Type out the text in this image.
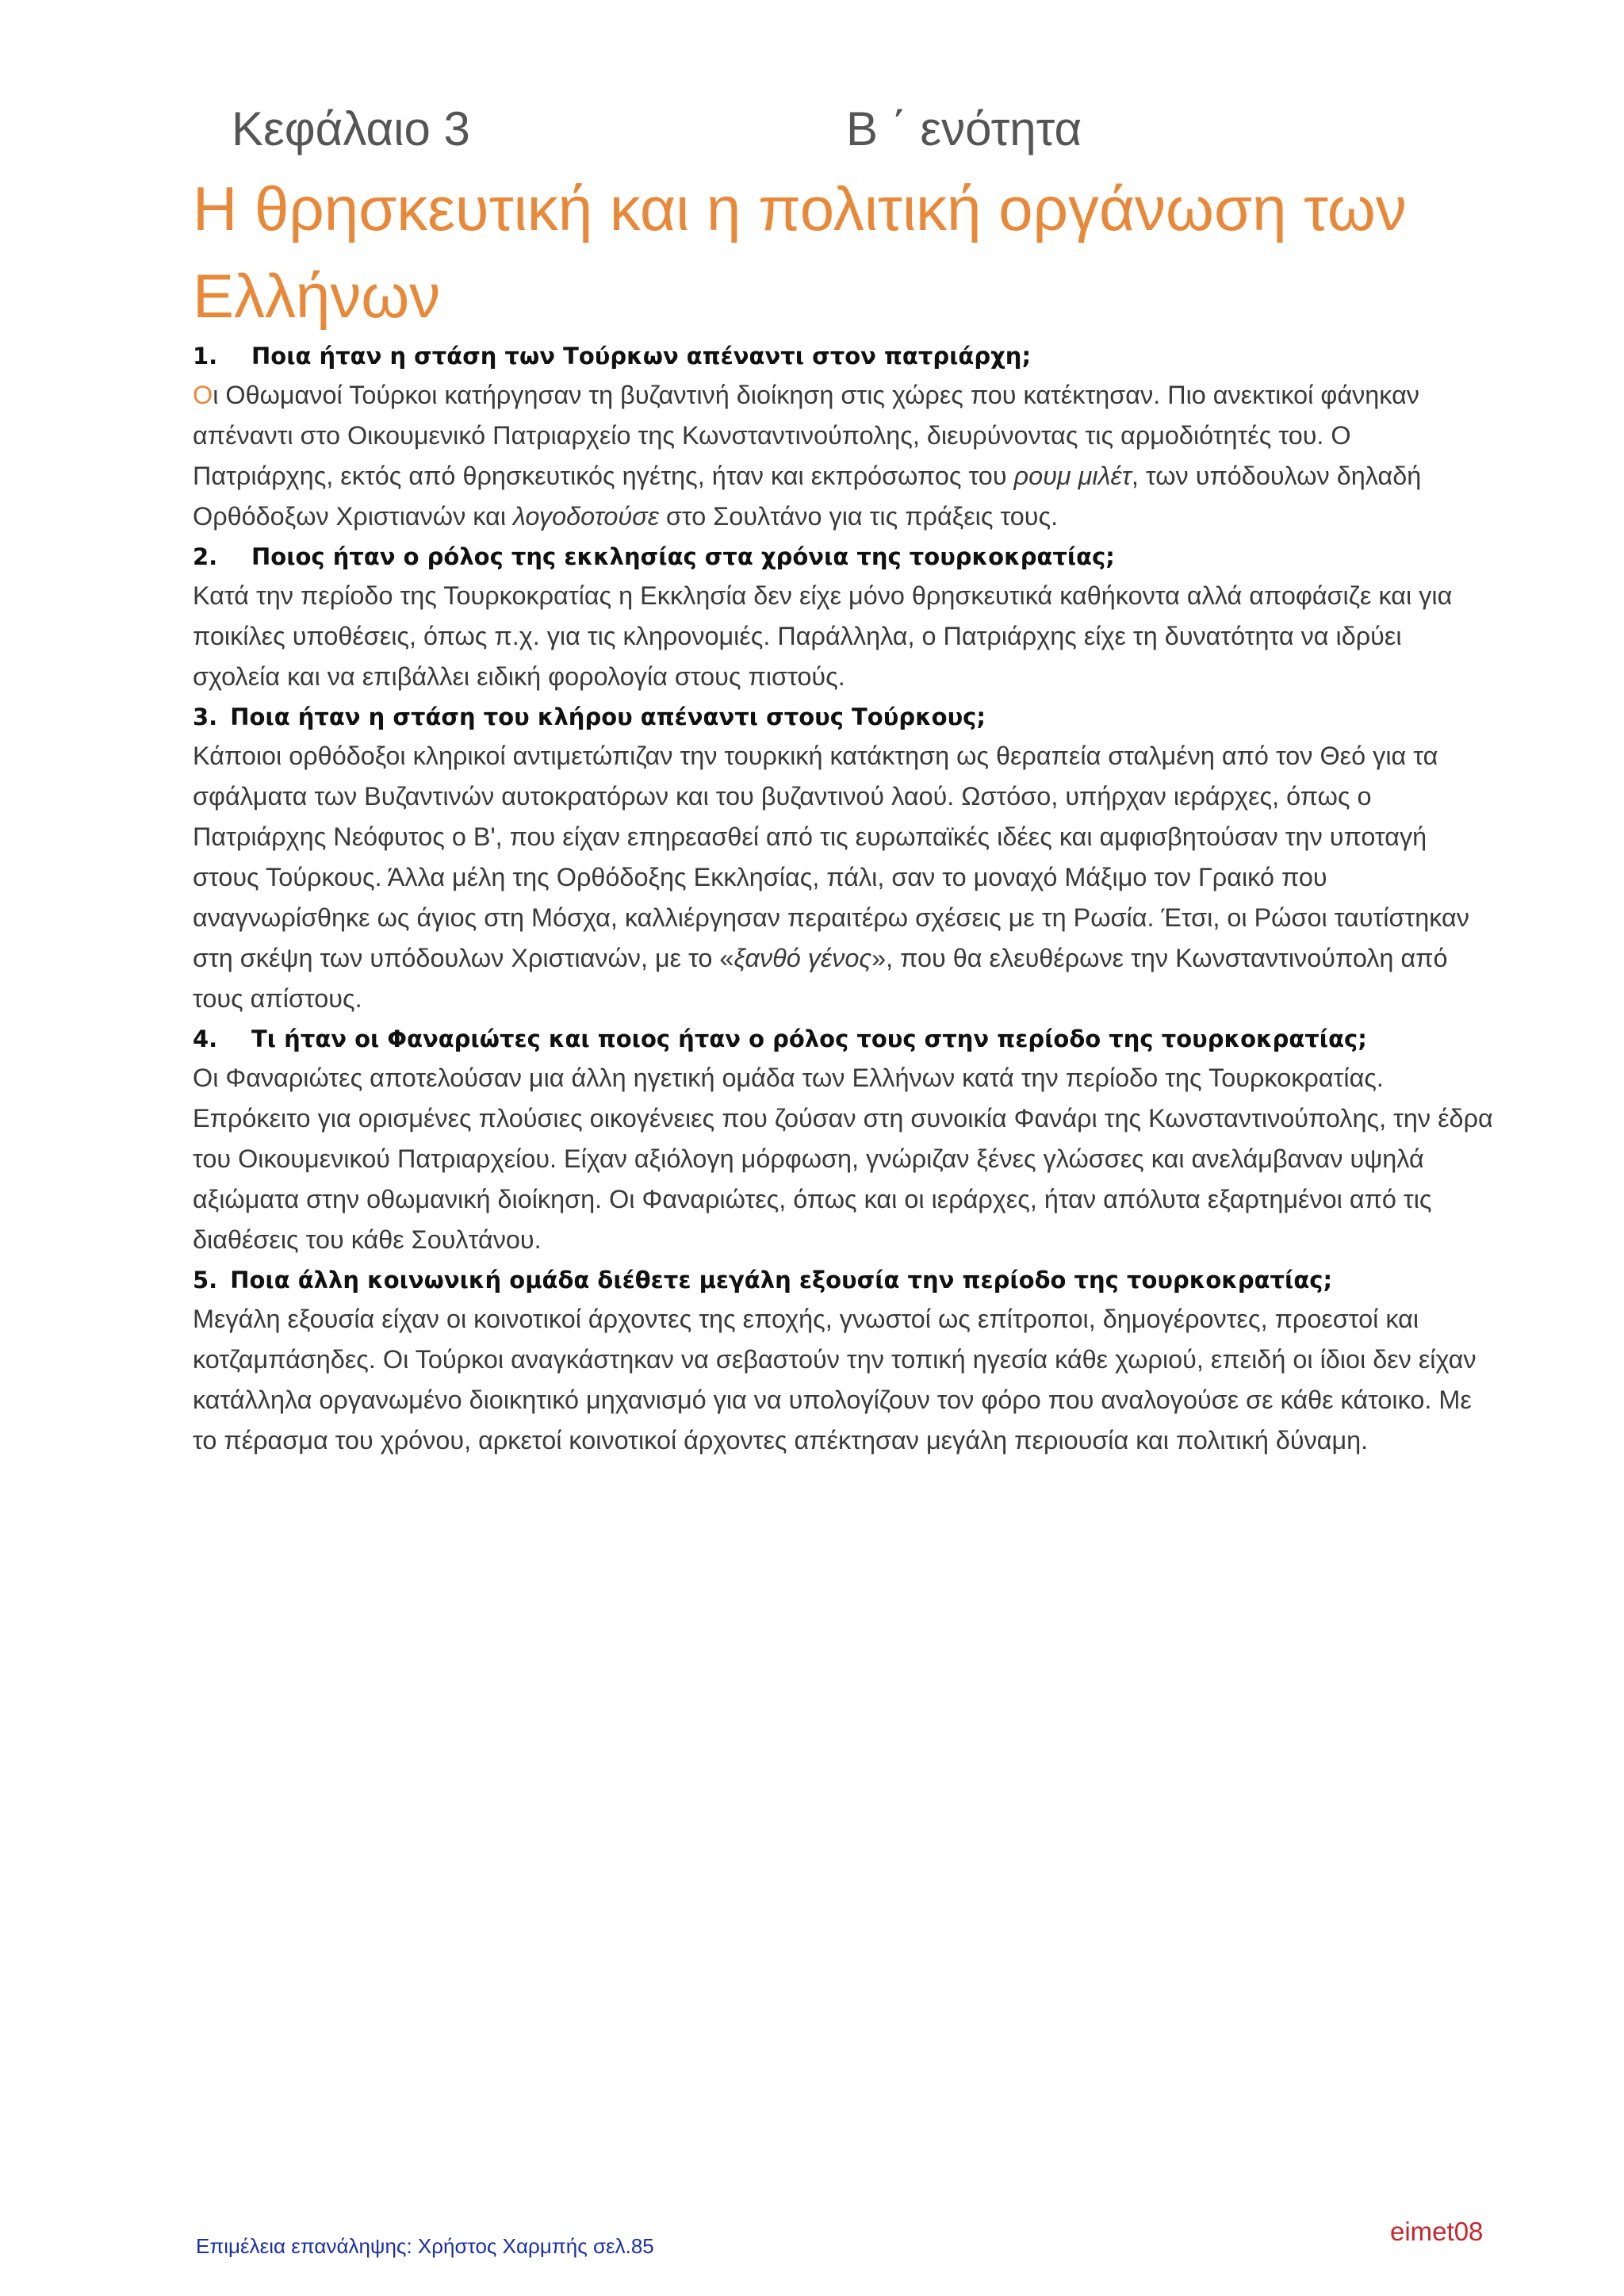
Κεφάλαιο 3	Β ΄ ενότητα
Η θρησκευτική και η πολιτική οργάνωση των Ελλήνων

1. Ποια ήταν η στάση των Τούρκων απέναντι στον πατριάρχη;

Οι Οθωμανοί Τούρκοι κατήργησαν τη βυζαντινή διοίκηση στις χώρες που κατέκτησαν. Πιο ανεκτικοί φάνηκαν απέναντι στο Οικουμενικό Πατριαρχείο της Κωνσταντινούπολης, διευρύνοντας τις αρμοδιότητές του. Ο Πατριάρχης, εκτός από θρησκευτικός ηγέτης, ήταν και εκπρόσωπος του ρουμ μιλέτ, των υπόδουλων δηλαδή Ορθόδοξων Χριστιανών και λογοδοτούσε στο Σουλτάνο για τις πράξεις τους.

2. Ποιος ήταν ο ρόλος της εκκλησίας στα χρόνια της τουρκοκρατίας;

Κατά την περίοδο της Τουρκοκρατίας η Εκκλησία δεν είχε μόνο θρησκευτικά καθήκοντα αλλά αποφάσιζε και για ποικίλες υποθέσεις, όπως π.χ. για τις κληρονομιές. Παράλληλα, ο Πατριάρχης είχε τη δυνατότητα να ιδρύει σχολεία και να επιβάλλει ειδική φορολογία στους πιστούς.

3. Ποια ήταν η στάση του κλήρου απέναντι στους Τούρκους;

Κάποιοι ορθόδοξοι κληρικοί αντιμετώπιζαν την τουρκική κατάκτηση ως θεραπεία σταλμένη από τον Θεό για τα σφάλματα των Βυζαντινών αυτοκρατόρων και του βυζαντινού λαού. Ωστόσο, υπήρχαν ιεράρχες, όπως ο Πατριάρχης Νεόφυτος ο Β', που είχαν επηρεασθεί από τις ευρωπαϊκές ιδέες και αμφισβητούσαν την υποταγή στους Τούρκους. Άλλα μέλη της Ορθόδοξης Εκκλησίας, πάλι, σαν το μοναχό Μάξιμο τον Γραικό που αναγνωρίσθηκε ως άγιος στη Μόσχα, καλλιέργησαν περαιτέρω σχέσεις με τη Ρωσία. Έτσι, οι Ρώσοι ταυτίστηκαν στη σκέψη των υπόδουλων Χριστιανών, με το «ξανθό γένος», που θα ελευθέρωνε την Κωνσταντινούπολη από τους απίστους.

4. Τι ήταν οι Φαναριώτες και ποιος ήταν ο ρόλος τους στην περίοδο της τουρκοκρατίας;

Οι Φαναριώτες αποτελούσαν μια άλλη ηγετική ομάδα των Ελλήνων κατά την περίοδο της Τουρκοκρατίας. Επρόκειτο για ορισμένες πλούσιες οικογένειες που ζούσαν στη συνοικία Φανάρι της Κωνσταντινούπολης, την έδρα του Οικουμενικού Πατριαρχείου. Είχαν αξιόλογη μόρφωση, γνώριζαν ξένες γλώσσες και ανελάμβαναν υψηλά αξιώματα στην οθωμανική διοίκηση. Οι Φαναριώτες, όπως και οι ιεράρχες, ήταν απόλυτα εξαρτημένοι από τις διαθέσεις του κάθε Σουλτάνου.

5. Ποια άλλη κοινωνική ομάδα διέθετε μεγάλη εξουσία την περίοδο της τουρκοκρατίας;

Μεγάλη εξουσία είχαν οι κοινοτικοί άρχοντες της εποχής, γνωστοί ως επίτροποι, δημογέροντες, προεστοί και κοτζαμπάσηδες. Οι Τούρκοι αναγκάστηκαν να σεβαστούν την τοπική ηγεσία κάθε χωριού, επειδή οι ίδιοι δεν είχαν κατάλληλα οργανωμένο διοικητικό μηχανισμό για να υπολογίζουν τον φόρο που αναλογούσε σε κάθε κάτοικο. Με το πέρασμα του χρόνου, αρκετοί κοινοτικοί άρχοντες απέκτησαν μεγάλη περιουσία και πολιτική δύναμη.

Επιμέλεια επανάληψης: Χρήστος Χαρμπής σελ.85	eimet08
